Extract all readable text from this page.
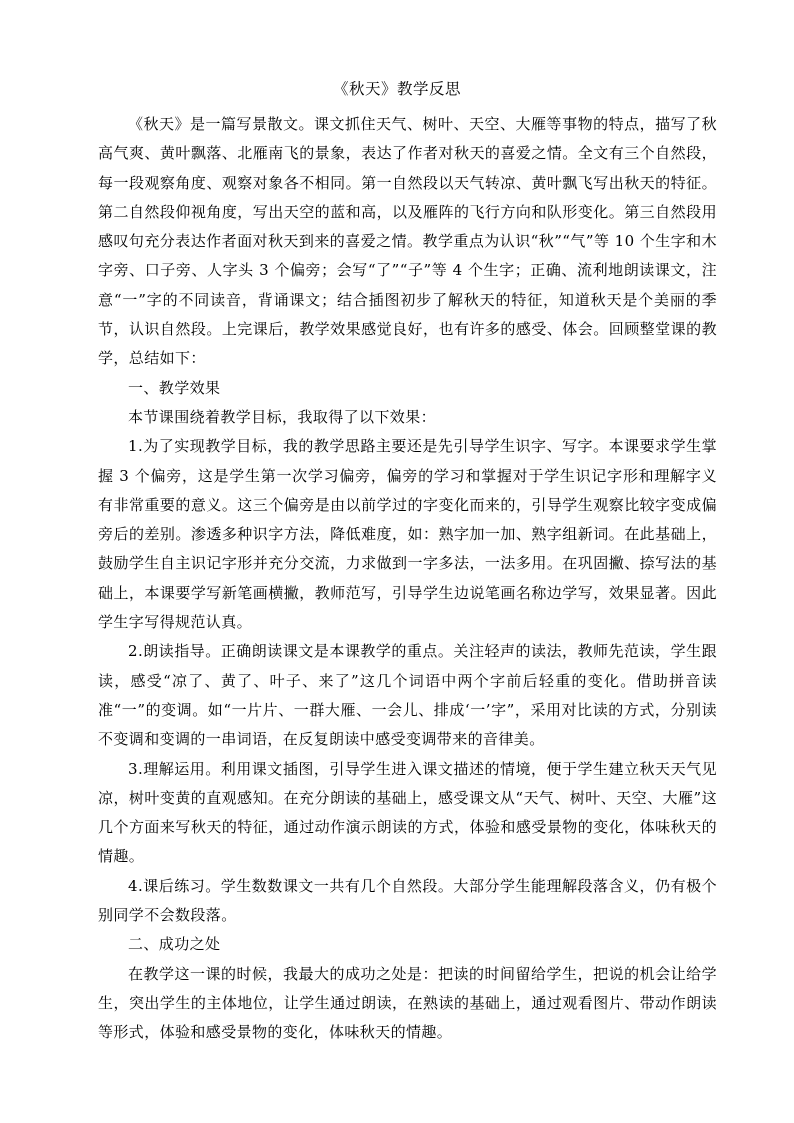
《秋天》教学反思

《秋天》是一篇写景散文。课文抓住天气、树叶、天空、大雁等事物的特点，描写了秋高气爽、黄叶飘落、北雁南飞的景象，表达了作者对秋天的喜爱之情。全文有三个自然段，每一段观察角度、观察对象各不相同。第一自然段以天气转凉、黄叶飘飞写出秋天的特征。第二自然段仰视角度，写出天空的蓝和高，以及雁阵的飞行方向和队形变化。第三自然段用感叹句充分表达作者面对秋天到来的喜爱之情。教学重点为认识“秋”“气”等 10 个生字和木字旁、口子旁、人字头 3 个偏旁；会写“了”“子”等 4 个生字；正确、流利地朗读课文，注意“一”字的不同读音，背诵课文；结合插图初步了解秋天的特征，知道秋天是个美丽的季节，认识自然段。上完课后，教学效果感觉良好，也有许多的感受、体会。回顾整堂课的教学，总结如下：

一、教学效果

本节课围绕着教学目标，我取得了以下效果：

1.为了实现教学目标，我的教学思路主要还是先引导学生识字、写字。本课要求学生掌握 3 个偏旁，这是学生第一次学习偏旁，偏旁的学习和掌握对于学生识记字形和理解字义有非常重要的意义。这三个偏旁是由以前学过的字变化而来的，引导学生观察比较字变成偏旁后的差别。渗透多种识字方法，降低难度，如：熟字加一加、熟字组新词。在此基础上，鼓励学生自主识记字形并充分交流，力求做到一字多法，一法多用。在巩固撇、捺写法的基础上，本课要学写新笔画横撇，教师范写，引导学生边说笔画名称边学写，效果显著。因此学生字写得规范认真。

2.朗读指导。正确朗读课文是本课教学的重点。关注轻声的读法，教师先范读，学生跟读，感受“凉了、黄了、叶子、来了”这几个词语中两个字前后轻重的变化。借助拼音读准“一”的变调。如“一片片、一群大雁、一会儿、排成‘一’字”，采用对比读的方式，分别读不变调和变调的一串词语，在反复朗读中感受变调带来的音律美。

3.理解运用。利用课文插图，引导学生进入课文描述的情境，便于学生建立秋天天气见凉，树叶变黄的直观感知。在充分朗读的基础上，感受课文从“天气、树叶、天空、大雁”这几个方面来写秋天的特征，通过动作演示朗读的方式，体验和感受景物的变化，体味秋天的情趣。

4.课后练习。学生数数课文一共有几个自然段。大部分学生能理解段落含义，仍有极个别同学不会数段落。

二、成功之处

在教学这一课的时候，我最大的成功之处是：把读的时间留给学生，把说的机会让给学生，突出学生的主体地位，让学生通过朗读，在熟读的基础上，通过观看图片、带动作朗读等形式，体验和感受景物的变化，体味秋天的情趣。
